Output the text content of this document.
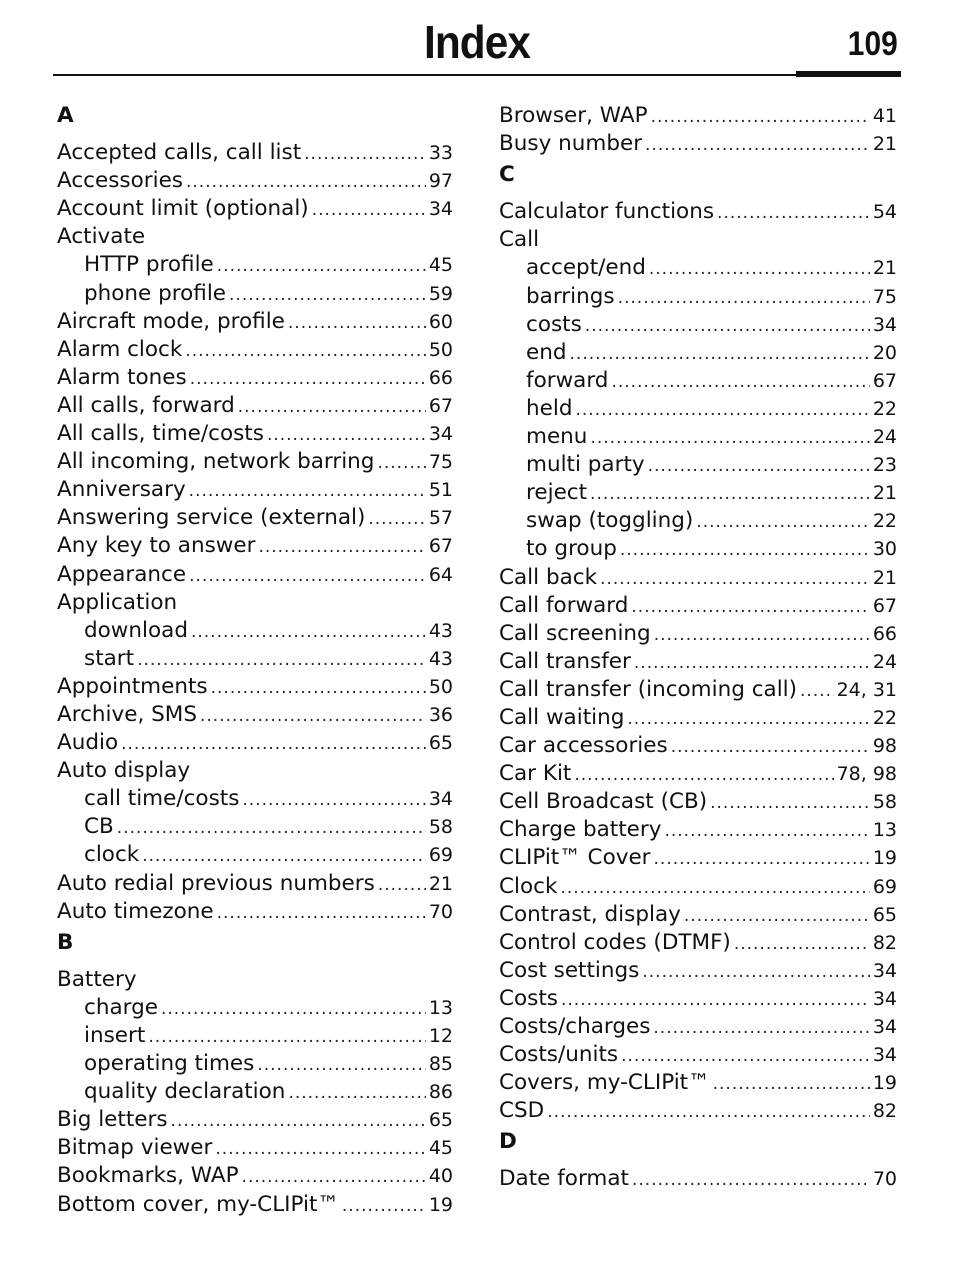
Index	109
A
Accepted calls, call list .....	33
Accessories .....	97
Account limit (optional) .....	34
Activate
HTTP profile .....	45
phone profile .....	59
Aircraft mode, profile .....	60
Alarm clock .....	50
Alarm tones .....	66
All calls, forward .....	67
All calls, time/costs .....	34
All incoming, network barring .....	75
Anniversary .....	51
Answering service (external) .....	57
Any key to answer .....	67
Appearance .....	64
Application
download .....	43
start .....	43
Appointments .....	50
Archive, SMS .....	36
Audio .....	65
Auto display
call time/costs .....	34
CB .....	58
clock .....	69
Auto redial previous numbers .....	21
Auto timezone .....	70
B
Battery
charge .....	13
insert .....	12
operating times .....	85
quality declaration .....	86
Big letters .....	65
Bitmap viewer .....	45
Bookmarks, WAP .....	40
Bottom cover, my-CLIPit™ .....	19
Browser, WAP .....	41
Busy number .....	21
C
Calculator functions .....	54
Call
accept/end .....	21
barrings .....	75
costs .....	34
end .....	20
forward .....	67
held .....	22
menu .....	24
multi party .....	23
reject .....	21
swap (toggling) .....	22
to group .....	30
Call back .....	21
Call forward .....	67
Call screening .....	66
Call transfer .....	24
Call transfer (incoming call) ..... 24, 31
Call waiting .....	22
Car accessories .....	98
Car Kit .....	78, 98
Cell Broadcast (CB) .....	58
Charge battery .....	13
CLIPit™ Cover .....	19
Clock .....	69
Contrast, display .....	65
Control codes (DTMF) .....	82
Cost settings .....	34
Costs .....	34
Costs/charges .....	34
Costs/units .....	34
Covers, my-CLIPit™ .....	19
CSD .....	82
D
Date format .....	70
